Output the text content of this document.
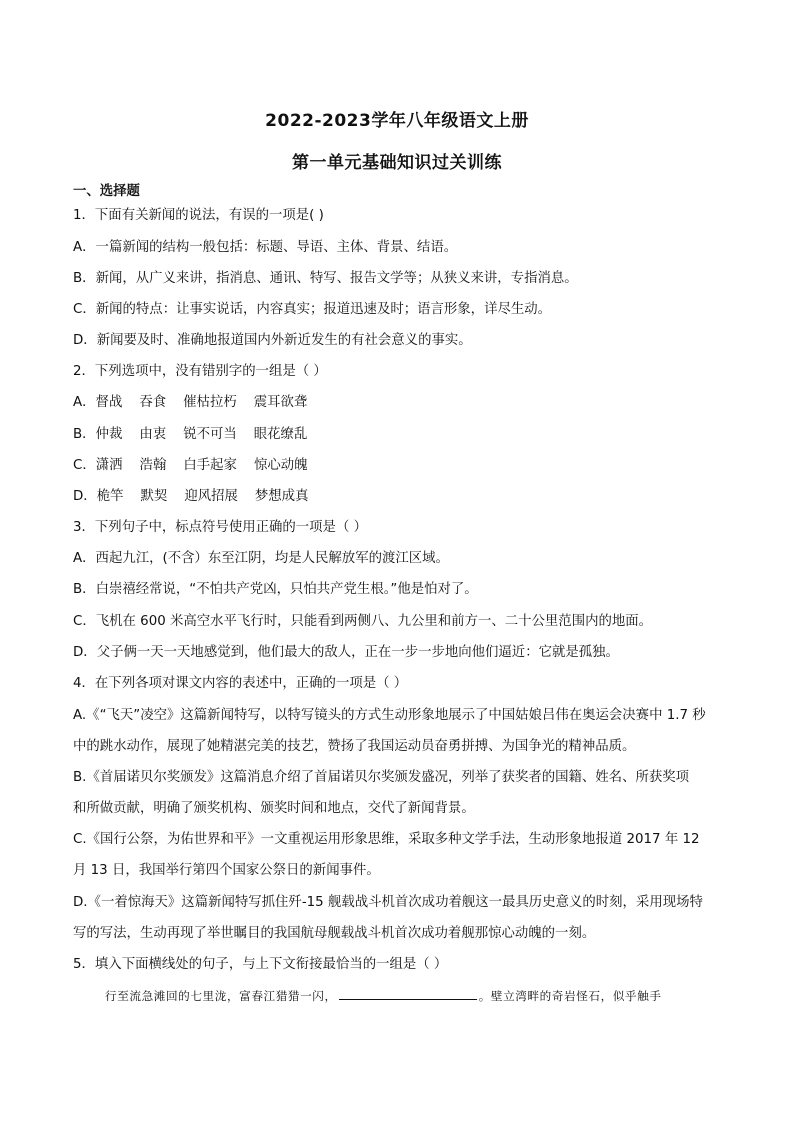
2022-2023学年八年级语文上册
第一单元基础知识过关训练
一、选择题
1．下面有关新闻的说法，有误的一项是( )
A．一篇新闻的结构一般包括：标题、导语、主体、背景、结语。
B．新闻，从广义来讲，指消息、通讯、特写、报告文学等；从狭义来讲，专指消息。
C．新闻的特点：让事实说话，内容真实；报道迅速及时；语言形象，详尽生动。
D．新闻要及时、准确地报道国内外新近发生的有社会意义的事实。
2．下列选项中，没有错别字的一组是（ ）
A．督战    吞食    催枯拉朽    震耳欲聋
B．仲裁    由衷    锐不可当    眼花缭乱
C．潇洒    浩翰    白手起家    惊心动魄
D．桅竿    默契    迎风招展    梦想成真
3．下列句子中，标点符号使用正确的一项是（ ）
A．西起九江，(不含）东至江阴，均是人民解放军的渡江区域。
B．白崇禧经常说，“不怕共产党凶，只怕共产党生根。”他是怕对了。
C．飞机在 600 米高空水平飞行时，只能看到两侧八、九公里和前方一、二十公里范围内的地面。
D．父子俩一天一天地感觉到，他们最大的敌人，正在一步一步地向他们逼近：它就是孤独。
4．在下列各项对课文内容的表述中，正确的一项是（ ）
A.《“飞天”凌空》这篇新闻特写，以特写镜头的方式生动形象地展示了中国姑娘吕伟在奥运会决赛中 1.7 秒
中的跳水动作，展现了她精湛完美的技艺，赞扬了我国运动员奋勇拼搏、为国争光的精神品质。
B.《首届诺贝尔奖颁发》这篇消息介绍了首届诺贝尔奖颁发盛况，列举了获奖者的国籍、姓名、所获奖项
和所做贡献，明确了颁奖机构、颁奖时间和地点，交代了新闻背景。
C.《国行公祭，为佑世界和平》一文重视运用形象思维，采取多种文学手法，生动形象地报道 2017 年 12
月 13 日，我国举行第四个国家公祭日的新闻事件。
D.《一着惊海天》这篇新闻特写抓住歼-15 舰载战斗机首次成功着舰这一最具历史意义的时刻，采用现场特
写的写法，生动再现了举世瞩目的我国航母舰载战斗机首次成功着舰那惊心动魄的一刻。
5．填入下面横线处的句子，与上下文衔接最恰当的一组是（ ）
行至流急滩回的七里泷，富春江猎猎一闪，	。壁立湾畔的奇岩怪石，似乎触手
